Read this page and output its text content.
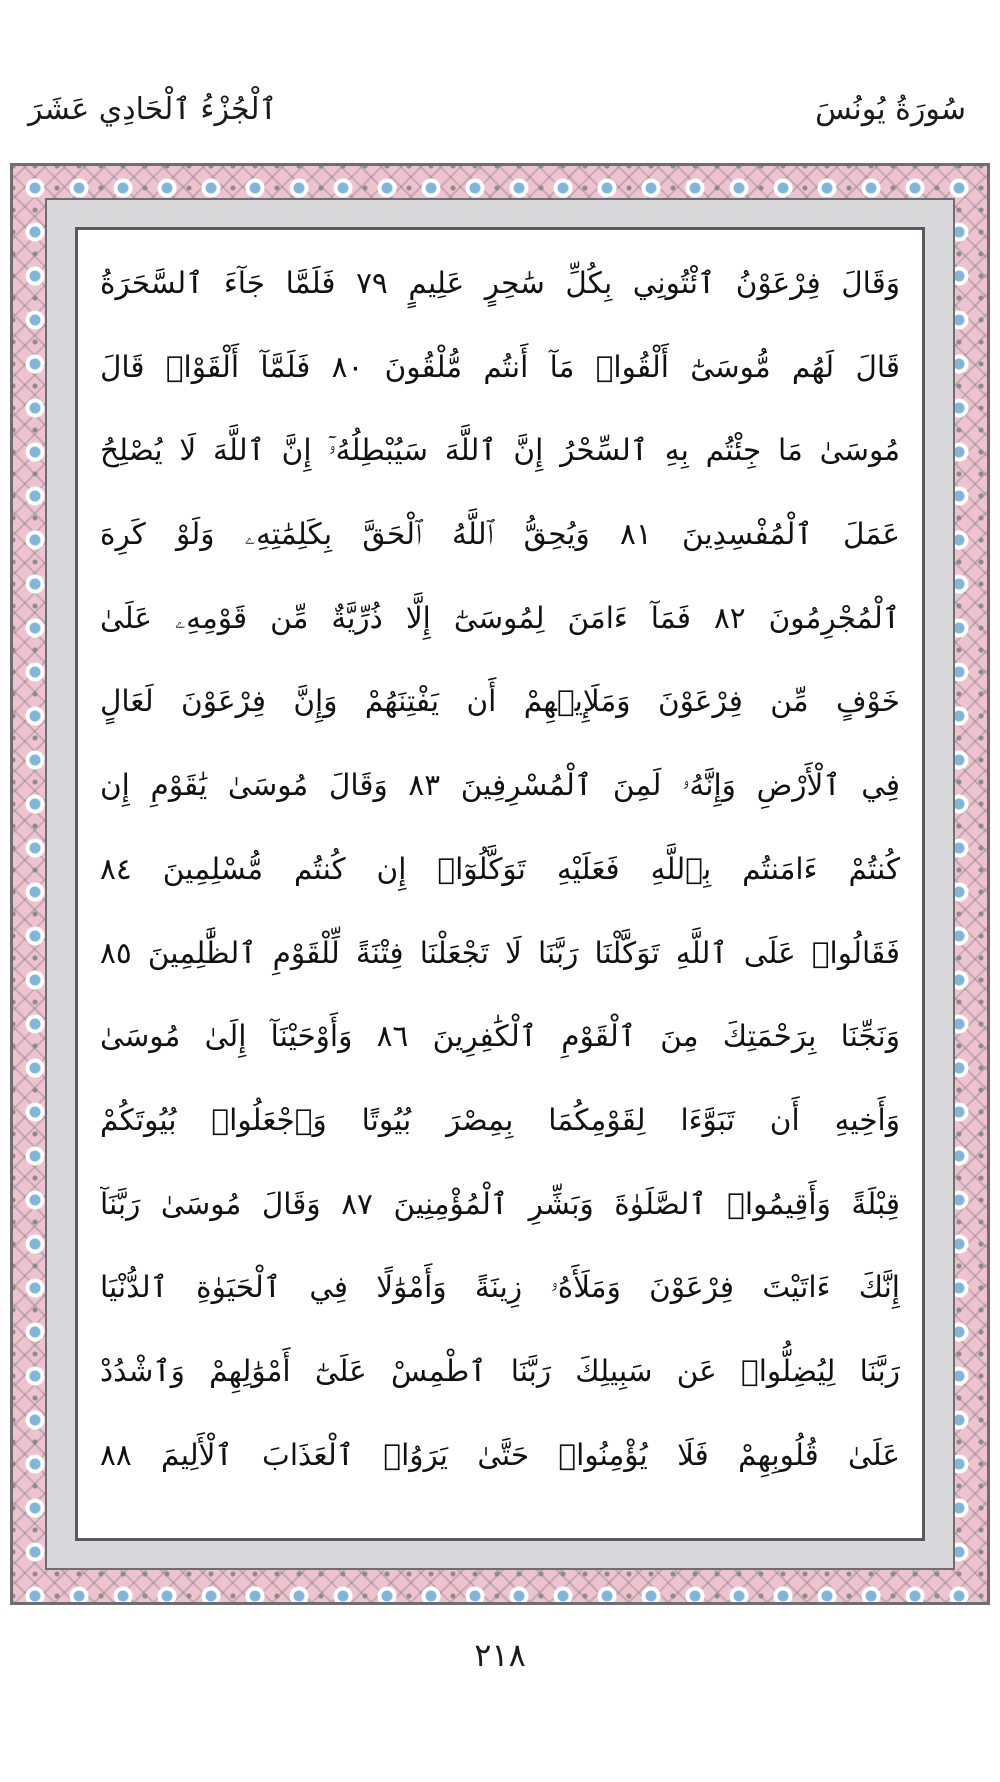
ٱلْجُزْءُ ٱلْحَادِي عَشَرَ	سُورَةُ يُونُسَ
وَقَالَ فِرْعَوْنُ ٱئْتُونِي بِكُلِّ سَٰحِرٍ عَلِيمٍ ٧٩ فَلَمَّا جَآءَ ٱلسَّحَرَةُ
قَالَ لَهُم مُّوسَىٰٓ أَلْقُوا۟ مَآ أَنتُم مُّلْقُونَ ٨٠ فَلَمَّآ أَلْقَوْا۟ قَالَ
مُوسَىٰ مَا جِئْتُم بِهِ ٱلسِّحْرُ إِنَّ ٱللَّهَ سَيُبْطِلُهُۥٓ إِنَّ ٱللَّهَ لَا يُصْلِحُ
عَمَلَ ٱلْمُفْسِدِينَ ٨١ وَيُحِقُّ ٱللَّهُ ٱلْحَقَّ بِكَلِمَٰتِهِۦ وَلَوْ كَرِهَ
ٱلْمُجْرِمُونَ ٨٢ فَمَآ ءَامَنَ لِمُوسَىٰٓ إِلَّا ذُرِّيَّةٌ مِّن قَوْمِهِۦ عَلَىٰ
خَوْفٍ مِّن فِرْعَوْنَ وَمَلَإِي۟هِمْ أَن يَفْتِنَهُمْ وَإِنَّ فِرْعَوْنَ لَعَالٍ
فِي ٱلْأَرْضِ وَإِنَّهُۥ لَمِنَ ٱلْمُسْرِفِينَ ٨٣ وَقَالَ مُوسَىٰ يَٰقَوْمِ إِن
كُنتُمْ ءَامَنتُم بِٱللَّهِ فَعَلَيْهِ تَوَكَّلُوٓا۟ إِن كُنتُم مُّسْلِمِينَ ٨٤
فَقَالُوا۟ عَلَى ٱللَّهِ تَوَكَّلْنَا رَبَّنَا لَا تَجْعَلْنَا فِتْنَةً لِّلْقَوْمِ ٱلظَّٰلِمِينَ ٨٥
وَنَجِّنَا بِرَحْمَتِكَ مِنَ ٱلْقَوْمِ ٱلْكَٰفِرِينَ ٨٦ وَأَوْحَيْنَآ إِلَىٰ مُوسَىٰ
وَأَخِيهِ أَن تَبَوَّءَا لِقَوْمِكُمَا بِمِصْرَ بُيُوتًا وَٱجْعَلُوا۟ بُيُوتَكُمْ
قِبْلَةً وَأَقِيمُوا۟ ٱلصَّلَوٰةَ وَبَشِّرِ ٱلْمُؤْمِنِينَ ٨٧ وَقَالَ مُوسَىٰ رَبَّنَآ
إِنَّكَ ءَاتَيْتَ فِرْعَوْنَ وَمَلَأَهُۥ زِينَةً وَأَمْوَٰلًا فِي ٱلْحَيَوٰةِ ٱلدُّنْيَا
رَبَّنَا لِيُضِلُّوا۟ عَن سَبِيلِكَ رَبَّنَا ٱطْمِسْ عَلَىٰٓ أَمْوَٰلِهِمْ وَٱشْدُدْ
عَلَىٰ قُلُوبِهِمْ فَلَا يُؤْمِنُوا۟ حَتَّىٰ يَرَوُا۟ ٱلْعَذَابَ ٱلْأَلِيمَ ٨٨
٢١٨
